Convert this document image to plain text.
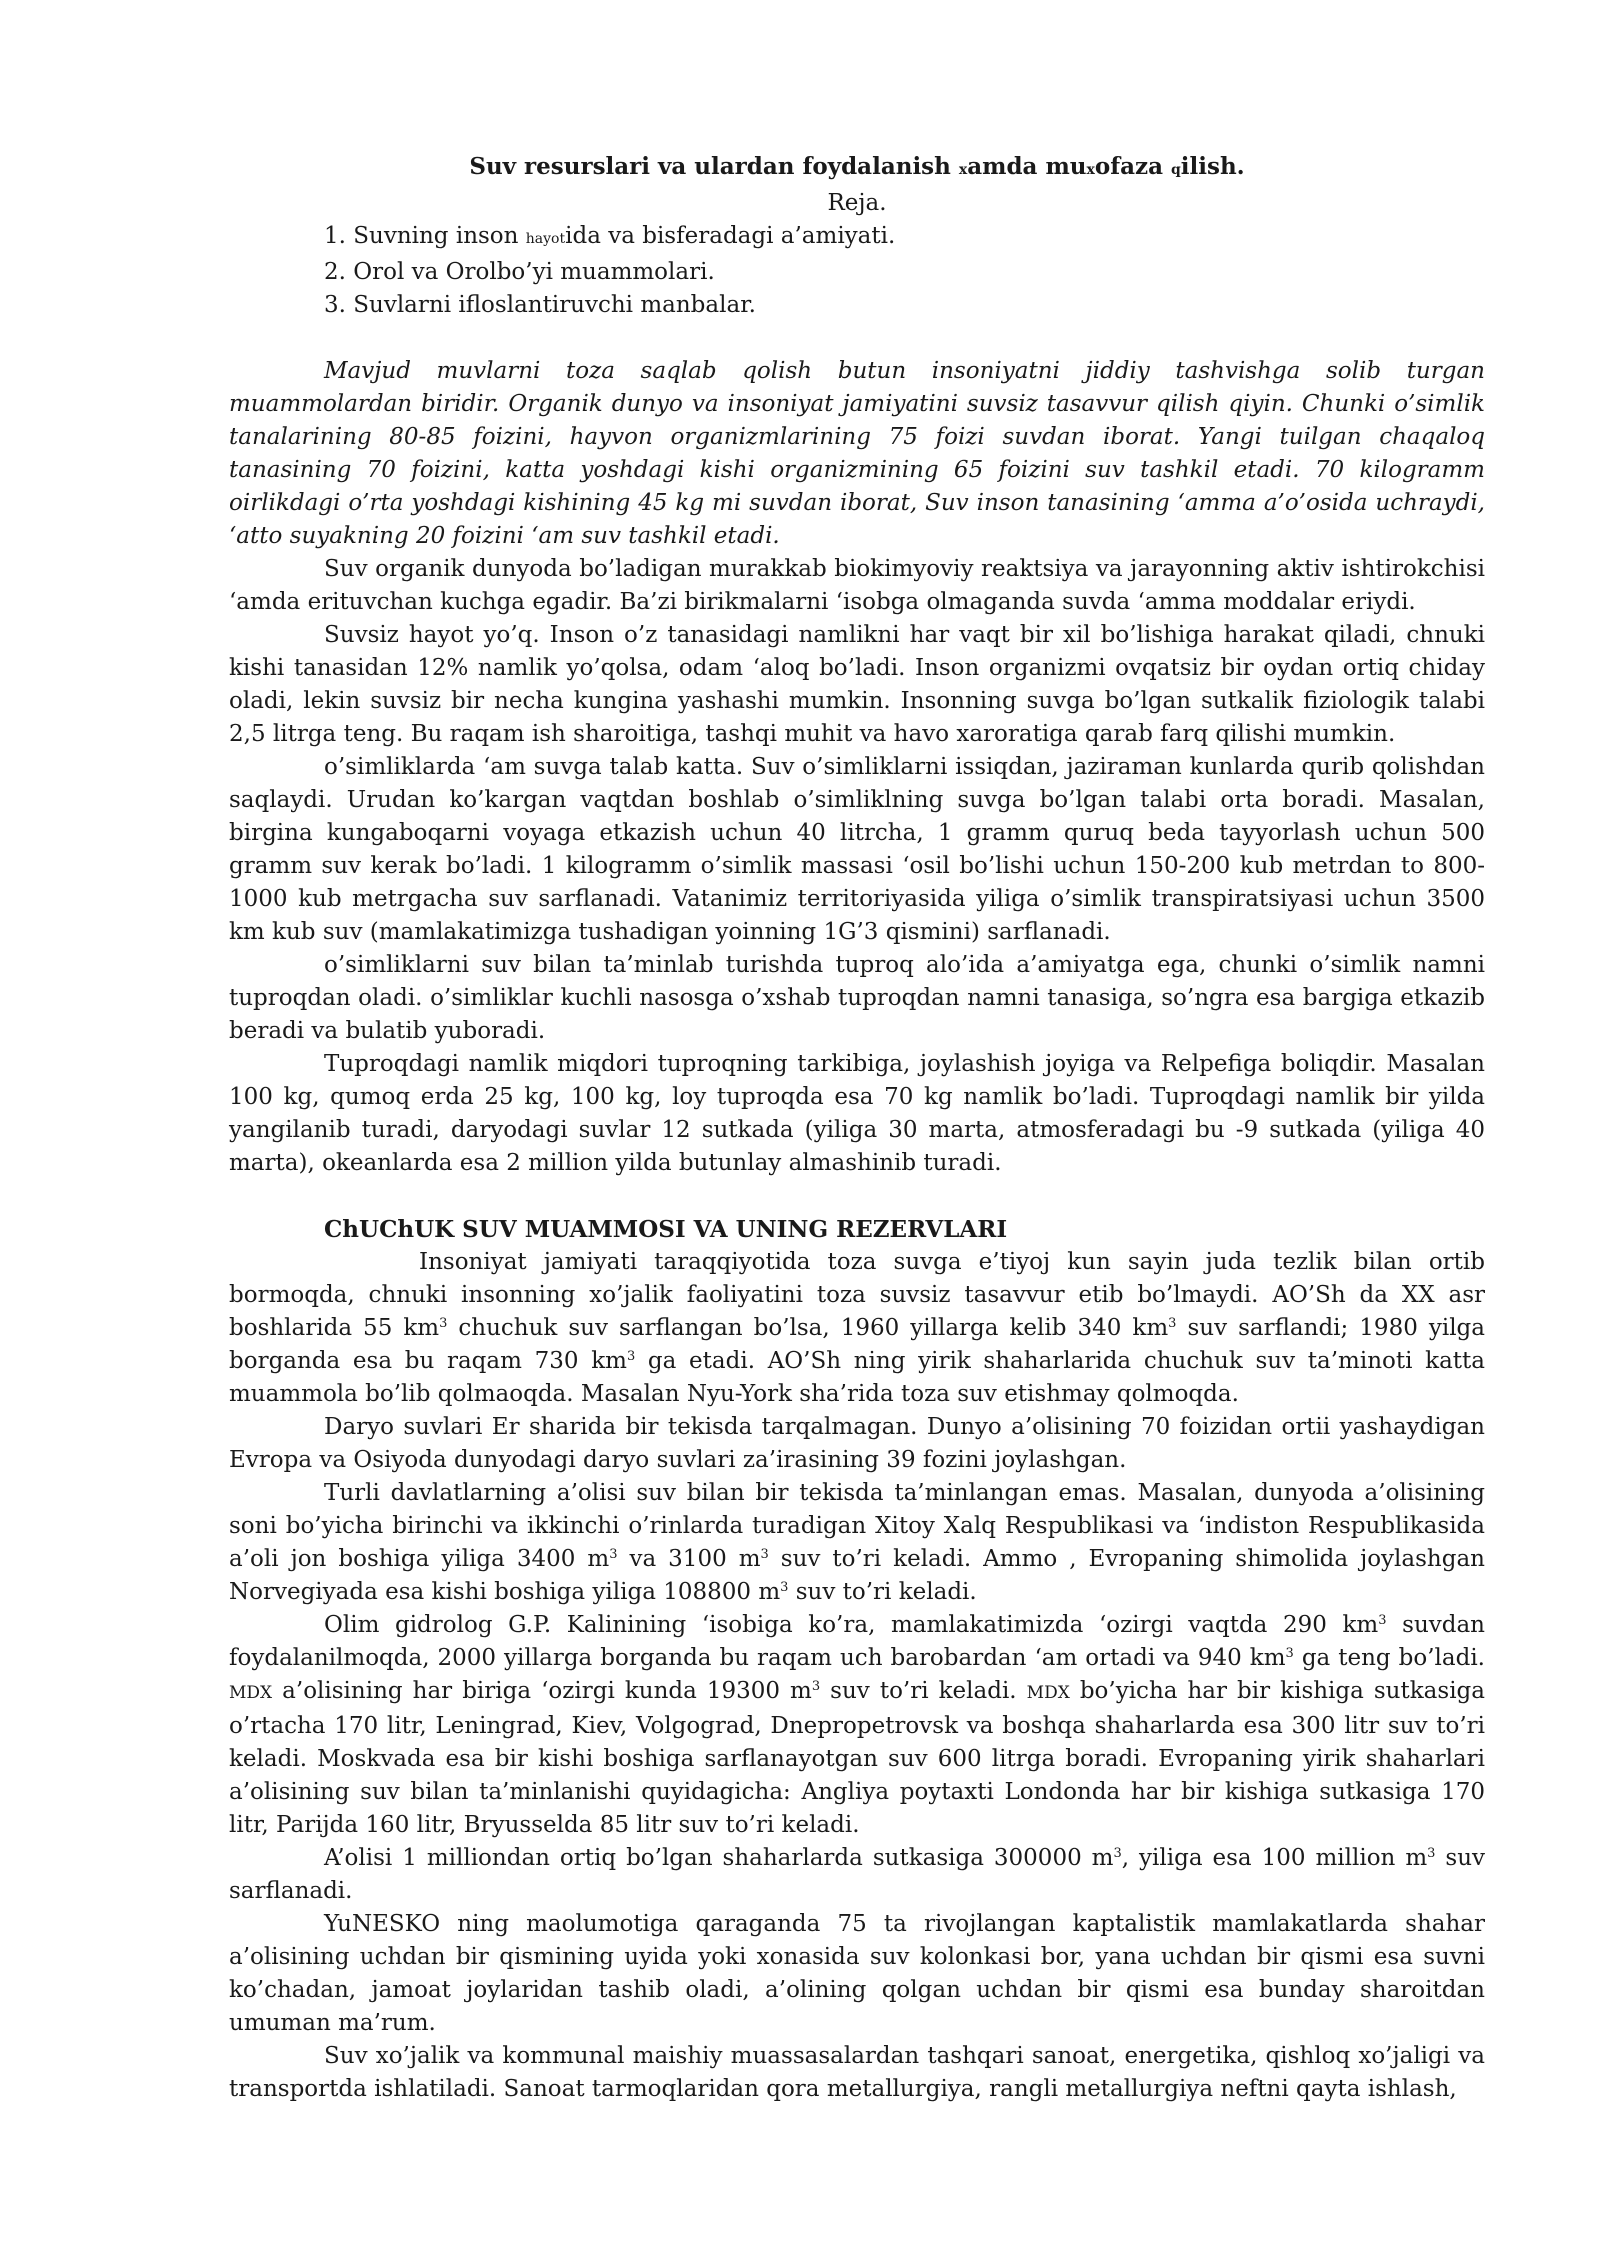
Suv resurslari va ulardan foydalanish xamda muxofaza qilish.
Reja.
1. Suvning inson hayotida va bisferadagi a’amiyati.
2. Orol va Orolbo’yi muammolari.
3. Suvlarni ifloslantiruvchi manbalar.

Mavjud muvlarni toza saqlab qolish butun insoniyatni jiddiy tashvishga solib turgan muammolardan biridir. Organik dunyo va insoniyat jamiyatini suvsiz tasavvur qilish qiyin. Chunki o’simlik tanalarining 80-85 foizini, hayvon organizmlarining 75 foizi suvdan iborat. Yangi tuilgan chaqaloq tanasining 70 foizini, katta yoshdagi kishi organizmining 65 foizini suv tashkil etadi. 70 kilogramm oirlikdagi o’rta yoshdagi kishining 45 kg mi suvdan iborat, Suv inson tanasining ‘amma a’o’osida uchraydi, ‘atto suyakning 20 foizini ‘am suv tashkil etadi.

Suv organik dunyoda bo’ladigan murakkab biokimyoviy reaktsiya va jarayonning aktiv ishtirokchisi ‘amda erituvchan kuchga egadir. Ba’zi birikmalarni ‘isobga olmaganda suvda ‘amma moddalar eriydi.

Suvsiz hayot yo’q. Inson o’z tanasidagi namlikni har vaqt bir xil bo’lishiga harakat qiladi, chnuki kishi tanasidan 12% namlik yo’qolsa, odam ‘aloq bo’ladi. Inson organizmi ovqatsiz bir oydan ortiq chiday oladi, lekin suvsiz bir necha kungina yashashi mumkin. Insonning suvga bo’lgan sutkalik fiziologik talabi 2,5 litrga teng. Bu raqam ish sharoitiga, tashqi muhit va havo xaroratiga qarab farq qilishi mumkin.

o’simliklarda ‘am suvga talab katta. Suv o’simliklarni issiqdan, jaziraman kunlarda qurib qolishdan saqlaydi. Urudan ko’kargan vaqtdan boshlab o’simliklning suvga bo’lgan talabi orta boradi. Masalan, birgina kungaboqarni voyaga etkazish uchun 40 litrcha, 1 gramm quruq beda tayyorlash uchun 500 gramm suv kerak bo’ladi. 1 kilogramm o’simlik massasi ‘osil bo’lishi uchun 150-200 kub metrdan to 800-1000 kub metrgacha suv sarflanadi. Vatanimiz territoriyasida yiliga o’simlik transpiratsiyasi uchun 3500 km kub suv (mamlakatimizga tushadigan yoinning 1G’3 qismini) sarflanadi.

o’simliklarni suv bilan ta’minlab turishda tuproq alo’ida a’amiyatga ega, chunki o’simlik namni tuproqdan oladi. o’simliklar kuchli nasosga o’xshab tuproqdan namni tanasiga, so’ngra esa bargiga etkazib beradi va bulatib yuboradi.

Tuproqdagi namlik miqdori tuproqning tarkibiga, joylashish joyiga va Relpefiga boliqdir. Masalan 100 kg, qumoq erda 25 kg, 100 kg, loy tuproqda esa 70 kg namlik bo’ladi. Tuproqdagi namlik bir yilda yangilanib turadi, daryodagi suvlar 12 sutkada (yiliga 30 marta, atmosferadagi bu -9 sutkada (yiliga 40 marta), okeanlarda esa 2 million yilda butunlay almashinib turadi.

ChUChUK SUV MUAMMOSI VA UNING REZERVLARI

Insoniyat jamiyati taraqqiyotida toza suvga e’tiyoj kun sayin juda tezlik bilan ortib bormoqda, chnuki insonning xo’jalik faoliyatini toza suvsiz tasavvur etib bo’lmaydi. AO’Sh da XX asr boshlarida 55 $km^3$ chuchuk suv sarflangan bo’lsa, 1960 yillarga kelib 340 $km^3$ suv sarflandi; 1980 yilga borganda esa bu raqam 730 $km^3$ ga etadi. AO’Sh ning yirik shaharlarida chuchuk suv ta’minoti katta muammola bo’lib qolmaoqda. Masalan Nyu-York sha’rida toza suv etishmay qolmoqda.

Daryo suvlari Er sharida bir tekisda tarqalmagan. Dunyo a’olisining 70 foizidan ortii yashaydigan Evropa va Osiyoda dunyodagi daryo suvlari za’irasining 39 fozini joylashgan.

Turli davlatlarning a’olisi suv bilan bir tekisda ta’minlangan emas. Masalan, dunyoda a’olisining soni bo’yicha birinchi va ikkinchi o’rinlarda turadigan Xitoy Xalq Respublikasi va ‘indiston Respublikasida a’oli jon boshiga yiliga 3400 $m^3$ va 3100 $m^3$ suv to’ri keladi. Ammo , Evropaning shimolida joylashgan Norvegiyada esa kishi boshiga yiliga 108800 $m^3$ suv to’ri keladi.

Olim gidrolog G.P. Kalinining ‘isobiga ko’ra, mamlakatimizda ‘ozirgi vaqtda 290 $km^3$ suvdan foydalanilmoqda, 2000 yillarga borganda bu raqam uch barobardan ‘am ortadi va 940 $km^3$ ga teng bo’ladi. MDX a’olisining har biriga ‘ozirgi kunda 19300 $m^3$ suv to’ri keladi. MDX bo’yicha har bir kishiga sutkasiga o’rtacha 170 litr, Leningrad, Kiev, Volgograd, Dnepropetrovsk va boshqa shaharlarda esa 300 litr suv to’ri keladi. Moskvada esa bir kishi boshiga sarflanayotgan suv 600 litrga boradi. Evropaning yirik shaharlari a’olisining suv bilan ta’minlanishi quyidagicha: Angliya poytaxti Londonda har bir kishiga sutkasiga 170 litr, Parijda 160 litr, Bryusselda 85 litr suv to’ri keladi.

A’olisi 1 milliondan ortiq bo’lgan shaharlarda sutkasiga 300000 $m^3$, yiliga esa 100 million $m^3$ suv sarflanadi.

YuNESKO ning maolumotiga qaraganda 75 ta rivojlangan kaptalistik mamlakatlarda shahar a’olisining uchdan bir qismining uyida yoki xonasida suv kolonkasi bor, yana uchdan bir qismi esa suvni ko’chadan, jamoat joylaridan tashib oladi, a’olining qolgan uchdan bir qismi esa bunday sharoitdan umuman ma’rum.

Suv xo’jalik va kommunal maishiy muassasalardan tashqari sanoat, energetika, qishloq xo’jaligi va transportda ishlatiladi. Sanoat tarmoqlaridan qora metallurgiya, rangli metallurgiya neftni qayta ishlash,
